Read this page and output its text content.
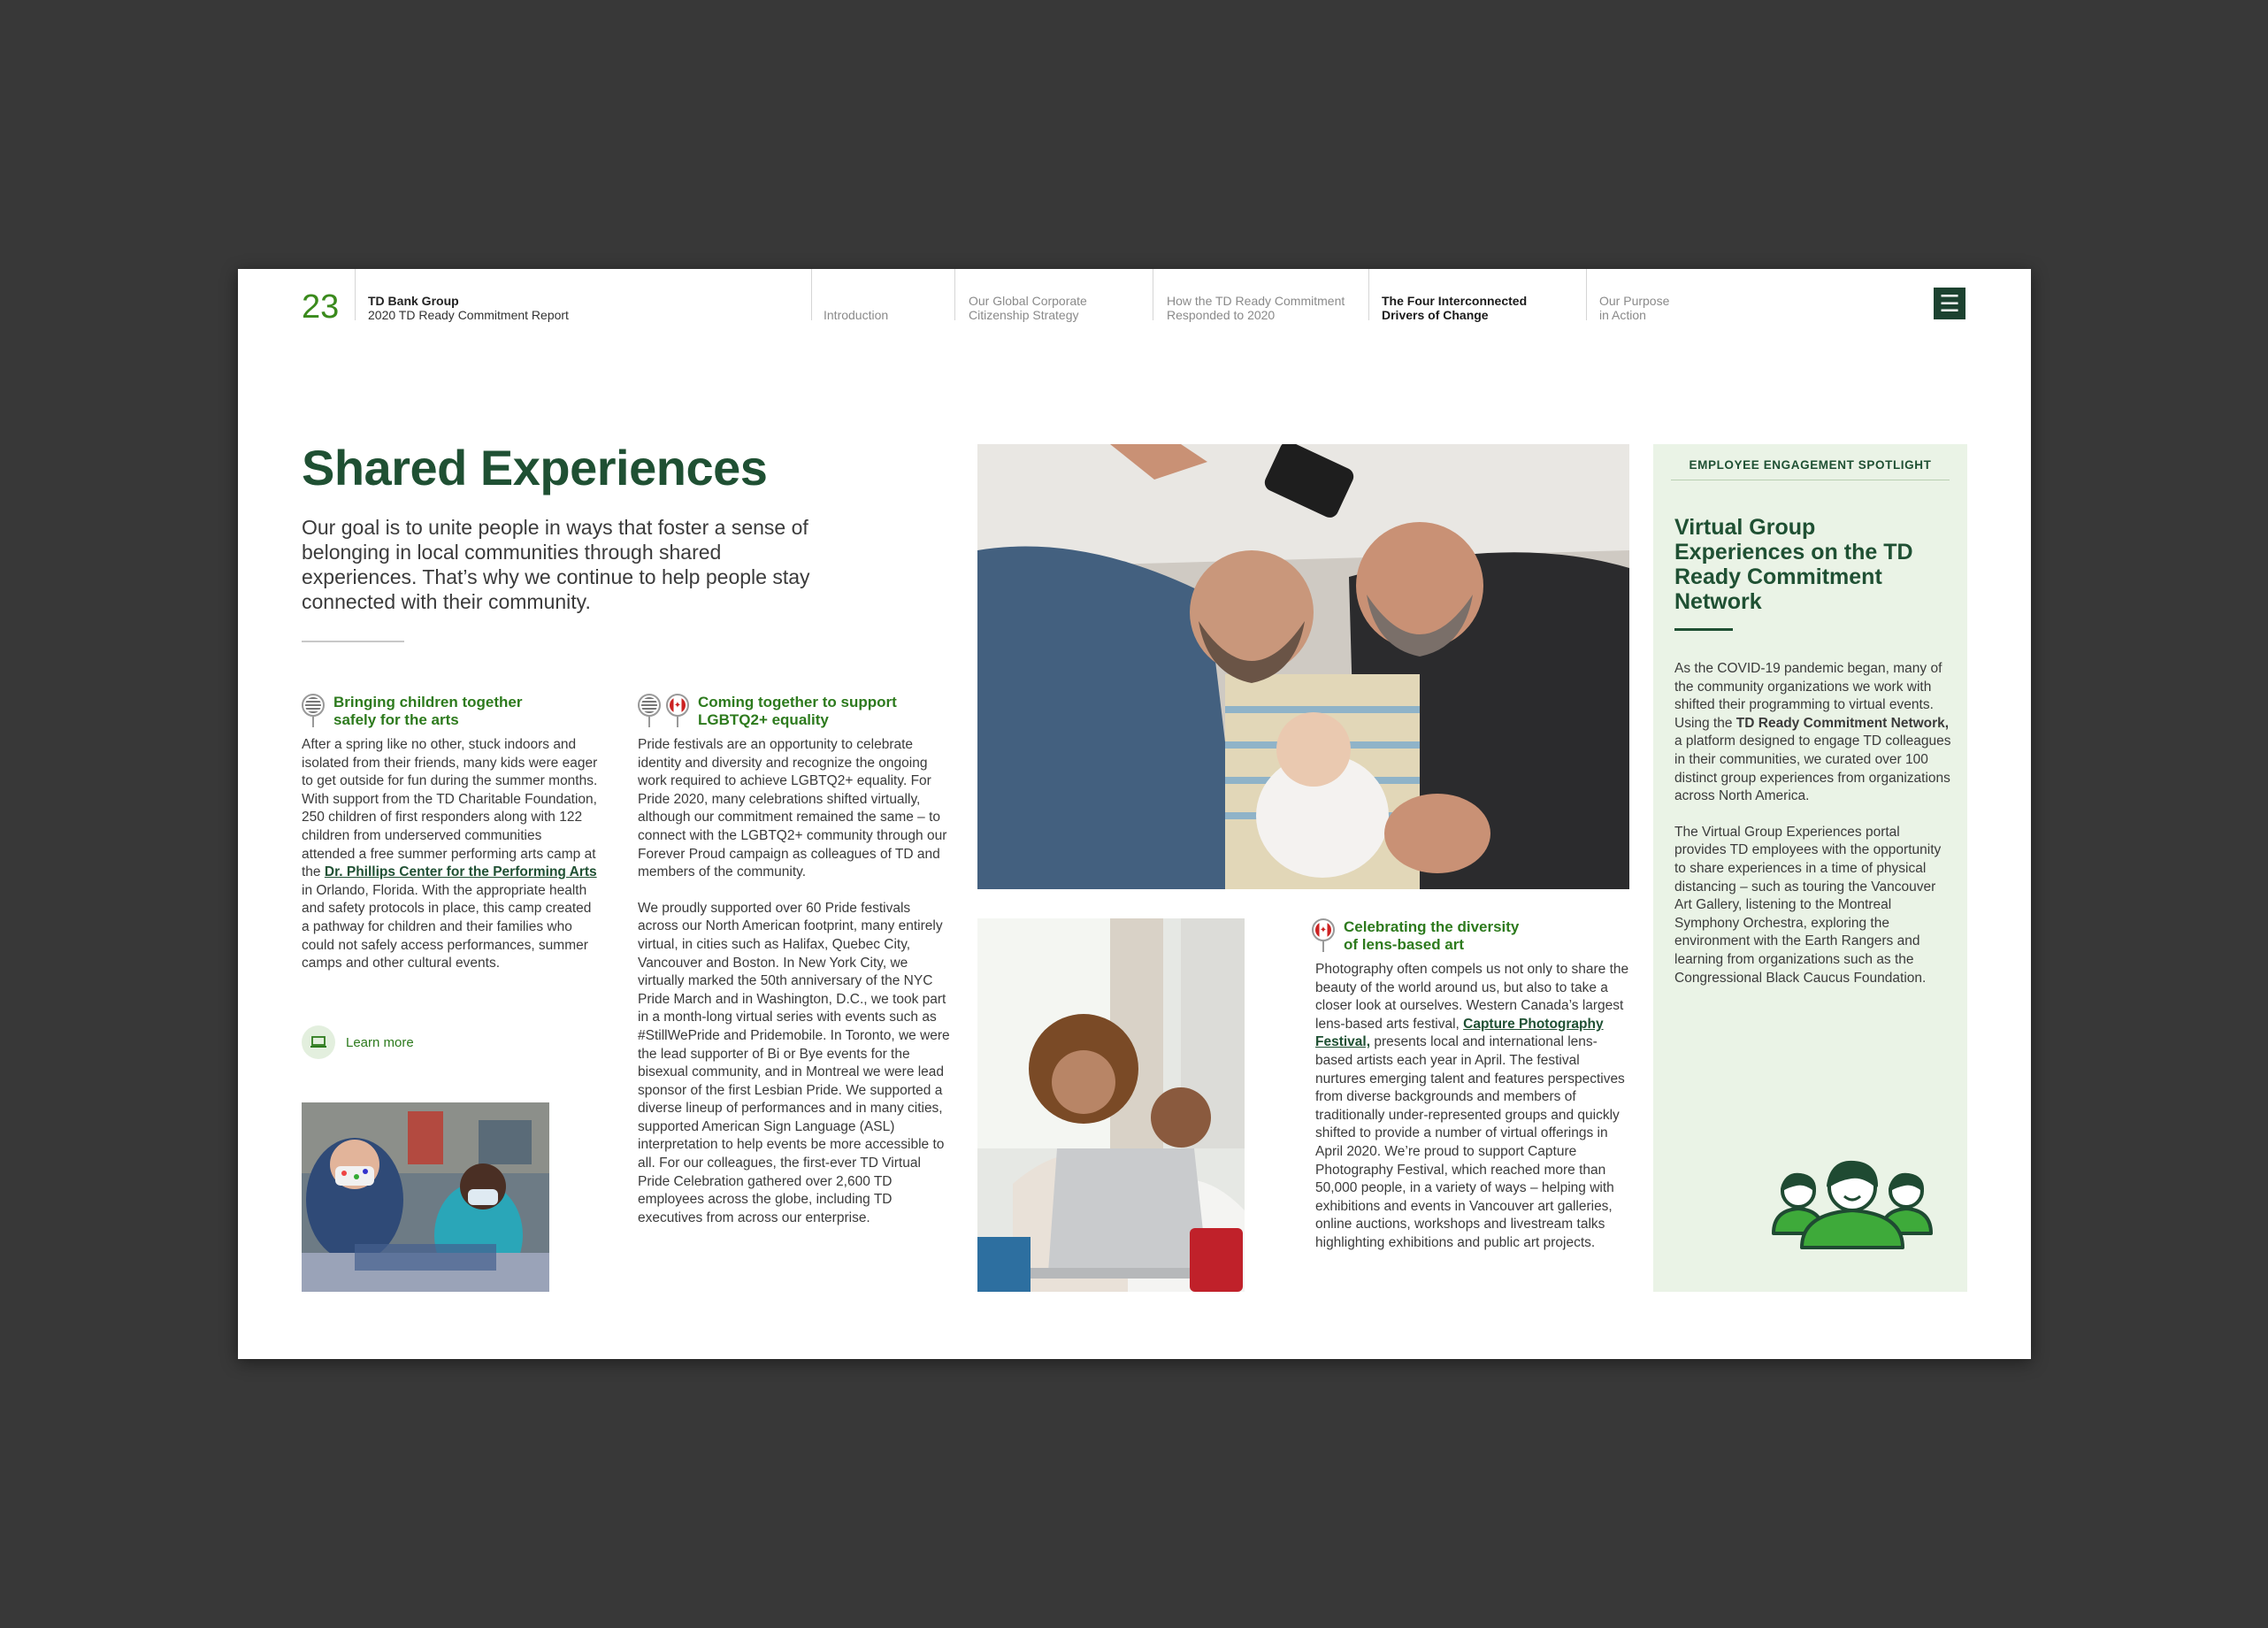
23 TD Bank Group
2020 TD Ready Commitment Report	Introduction
Our Global Corporate
Citizenship Strategy
How the TD Ready Commitment
Responded to 2020
The Four Interconnected
Drivers of Change
Our Purpose
in Action	☰
Shared Experiences
Our goal is to unite people in ways that foster a sense of belonging in local communities through shared experiences. That’s why we continue to help people stay connected with their community.
Bringing children together
safely for the arts
After a spring like no other, stuck indoors and isolated from their friends, many kids were eager to get outside for fun during the summer months. With support from the TD Charitable Foundation, 250 children of first responders along with 122 children from underserved communities attended a free summer performing arts camp at the Dr. Phillips Center for the Performing Arts in Orlando, Florida. With the appropriate health and safety protocols in place, this camp created a pathway for children and their families who could not safely access performances, summer camps and other cultural events.
Learn more
✦ Coming together to support
LGBTQ2+ equality

Pride festivals are an opportunity to celebrate identity and diversity and recognize the ongoing work required to achieve LGBTQ2+ equality. For Pride 2020, many celebrations shifted virtually, although our commitment remained the same – to connect with the LGBTQ2+ community through our Forever Proud campaign as colleagues of TD and members of the community.

We proudly supported over 60 Pride festivals across our North American footprint, many entirely virtual, in cities such as Halifax, Quebec City, Vancouver and Boston. In New York City, we virtually marked the 50th anniversary of the NYC Pride March and in Washington, D.C., we took part in a month-long virtual series with events such as #StillWePride and Pridemobile. In Toronto, we were the lead supporter of Bi or Bye events for the bisexual community, and in Montreal we were lead sponsor of the first Lesbian Pride. We supported a diverse lineup of performances and in many cities, supported American Sign Language (ASL) interpretation to help events be more accessible to all. For our colleagues, the first-ever TD Virtual Pride Celebration gathered over 2,600 TD employees across the globe, including TD executives from across our enterprise.

✦ Celebrating the diversity
of lens-based art
Photography often compels us not only to share the beauty of the world around us, but also to take a closer look at ourselves. Western Canada’s largest lens-based arts festival, Capture Photography Festival, presents local and international lens-based artists each year in April. The festival nurtures emerging talent and features perspectives from diverse backgrounds and members of traditionally under-represented groups and quickly shifted to provide a number of virtual offerings in April 2020. We’re proud to support Capture Photography Festival, which reached more than 50,000 people, in a variety of ways – helping with exhibitions and events in Vancouver art galleries, online auctions, workshops and livestream talks highlighting exhibitions and public art projects.
EMPLOYEE ENGAGEMENT SPOTLIGHT
Virtual Group Experiences on the TD Ready Commitment Network

As the COVID-19 pandemic began, many of the community organizations we work with shifted their programming to virtual events. Using the TD Ready Commitment Network, a platform designed to engage TD colleagues in their communities, we curated over 100 distinct group experiences from organizations across North America.

The Virtual Group Experiences portal provides TD employees with the opportunity to share experiences in a time of physical distancing – such as touring the Vancouver Art Gallery, listening to the Montreal Symphony Orchestra, exploring the environment with the Earth Rangers and learning from organizations such as the Congressional Black Caucus Foundation.
